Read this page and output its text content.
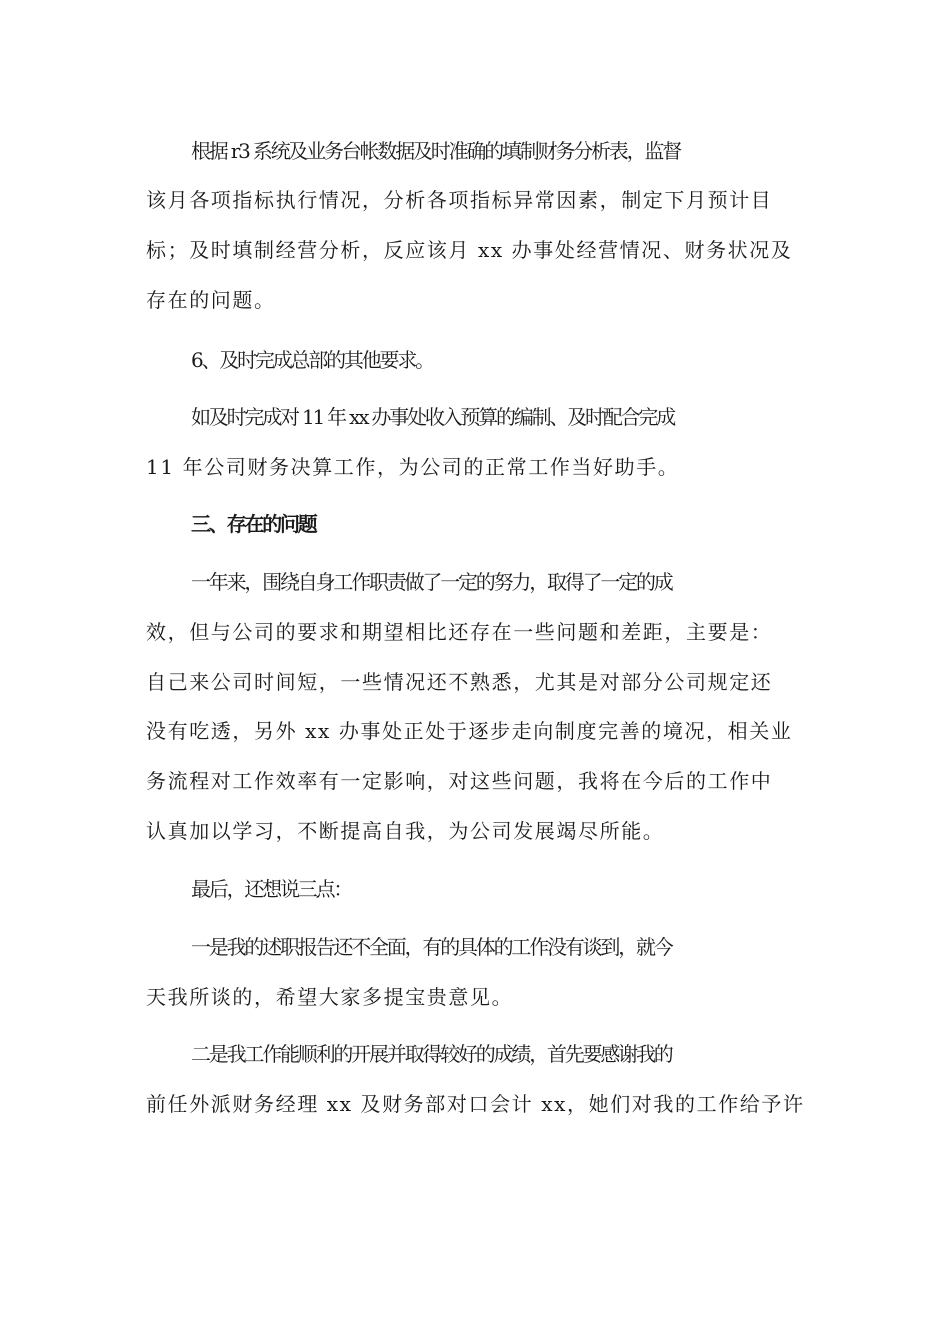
根据 r3 系统及业务台帐数据及时准确的填制财务分析表，监督

该月各项指标执行情况，分析各项指标异常因素，制定下月预计目

标；及时填制经营分析，反应该月 xx 办事处经营情况、财务状况及

存在的问题。

6、及时完成总部的其他要求。

如及时完成对 11 年 xx 办事处收入预算的编制、及时配合完成

11 年公司财务决算工作，为公司的正常工作当好助手。

三、存在的问题

一年来，围绕自身工作职责做了一定的努力，取得了一定的成

效，但与公司的要求和期望相比还存在一些问题和差距，主要是：

自己来公司时间短，一些情况还不熟悉，尤其是对部分公司规定还

没有吃透，另外 xx 办事处正处于逐步走向制度完善的境况，相关业

务流程对工作效率有一定影响，对这些问题，我将在今后的工作中

认真加以学习，不断提高自我，为公司发展竭尽所能。

最后，还想说三点：

一是我的述职报告还不全面，有的具体的工作没有谈到，就今

天我所谈的，希望大家多提宝贵意见。

二是我工作能顺利的开展并取得较好的成绩，首先要感谢我的

前任外派财务经理 xx 及财务部对口会计 xx，她们对我的工作给予许
